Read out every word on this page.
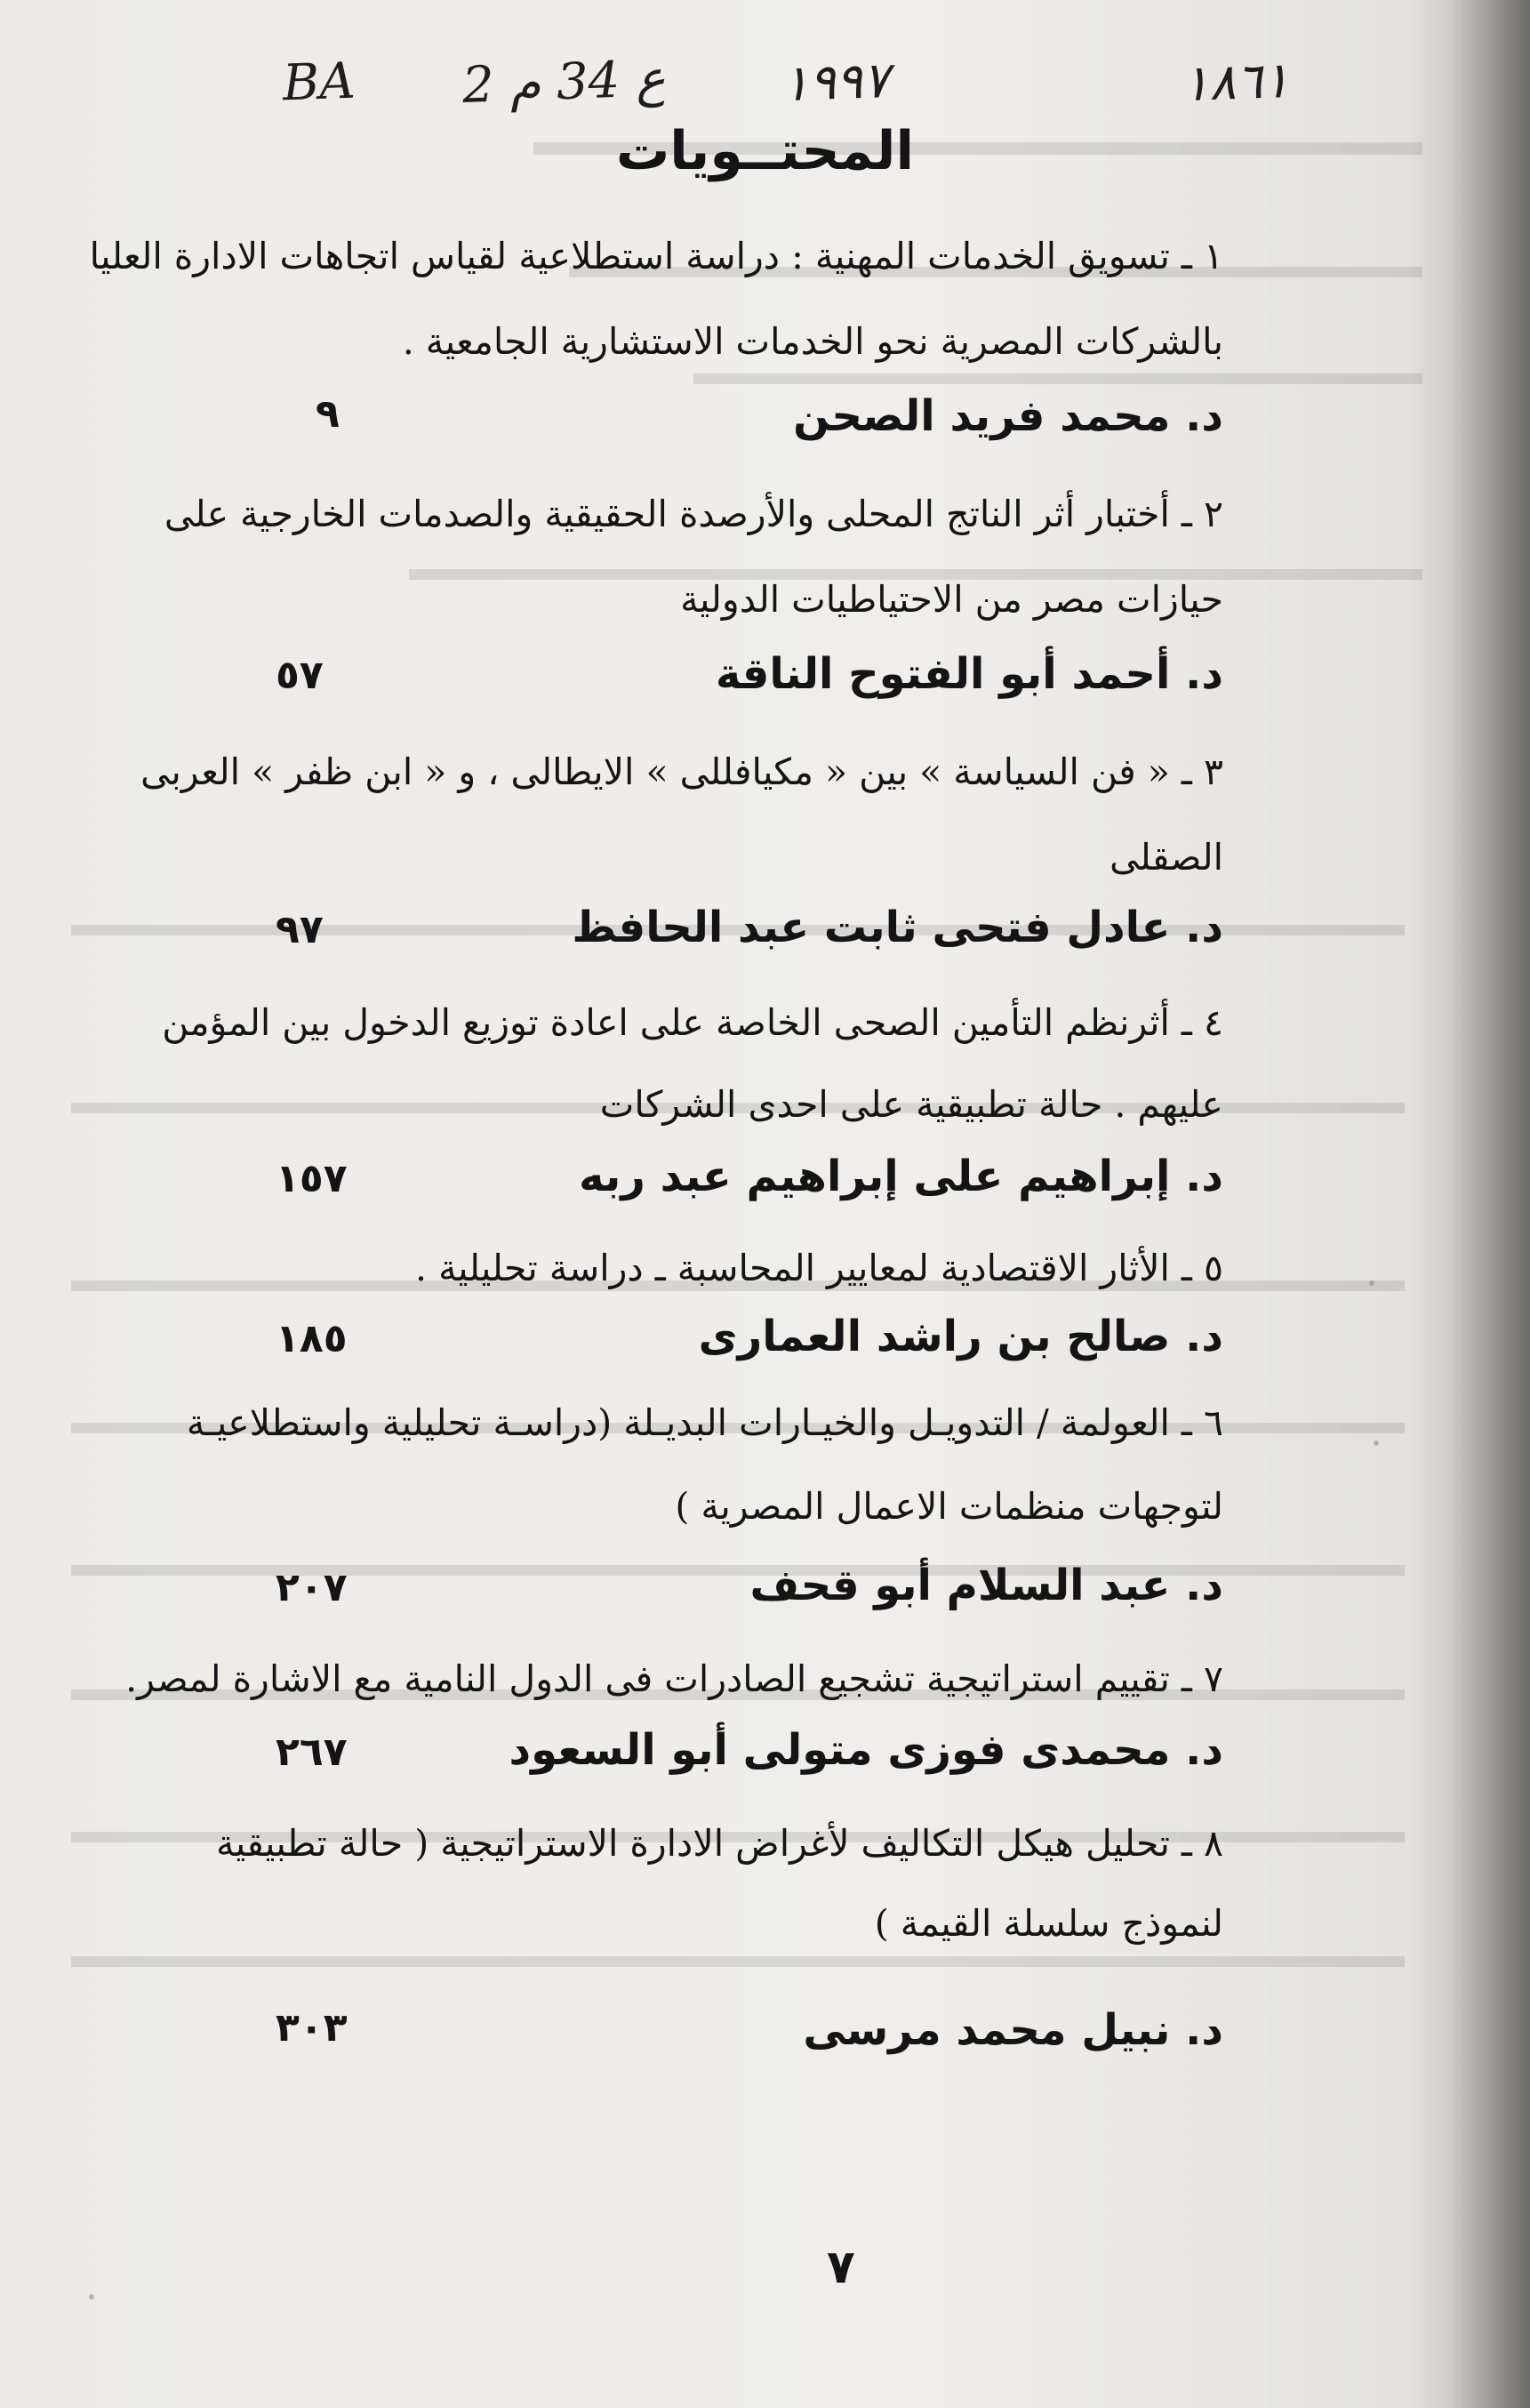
BA 2 ع 34 م ١٩٩٧	١٨٦١
المحتــويات
١ ـ تسويق الخدمات المهنية : دراسة استطلاعية لقياس اتجاهات الادارة العليا
بالشركات المصرية نحو الخدمات الاستشارية الجامعية .
د. محمد فريد الصحن
٩
٢ ـ أختبار أثر الناتج المحلى والأرصدة الحقيقية والصدمات الخارجية على
حيازات مصر من الاحتياطيات الدولية
د. أحمد أبو الفتوح الناقة
٥٧
٣ ـ « فن السياسة » بين « مكيافللى » الايطالى ، و « ابن ظفر » العربى
الصقلى
د. عادل فتحى ثابت عبد الحافظ
٩٧
٤ ـ أثرنظم التأمين الصحى الخاصة على اعادة توزيع الدخول بين المؤمن
عليهم . حالة تطبيقية على احدى الشركات
د. إبراهيم على إبراهيم عبد ربه
١٥٧
٥ ـ الأثار الاقتصادية لمعايير المحاسبة ـ دراسة تحليلية .
د. صالح بن راشد العمارى
١٨٥
٦ ـ العولمة / التدويـل والخيـارات البديـلة (دراسـة تحليلية واستطلاعيـة
لتوجهات منظمات الاعمال المصرية )
د. عبد السلام أبو قحف
٢٠٧
٧ ـ تقييم استراتيجية تشجيع الصادرات فى الدول النامية مع الاشارة لمصر.
د. محمدى فوزى متولى أبو السعود
٢٦٧
٨ ـ تحليل هيكل التكاليف لأغراض الادارة الاستراتيجية ( حالة تطبيقية
لنموذج سلسلة القيمة )
د. نبيل محمد مرسى
٣٠٣
٧
